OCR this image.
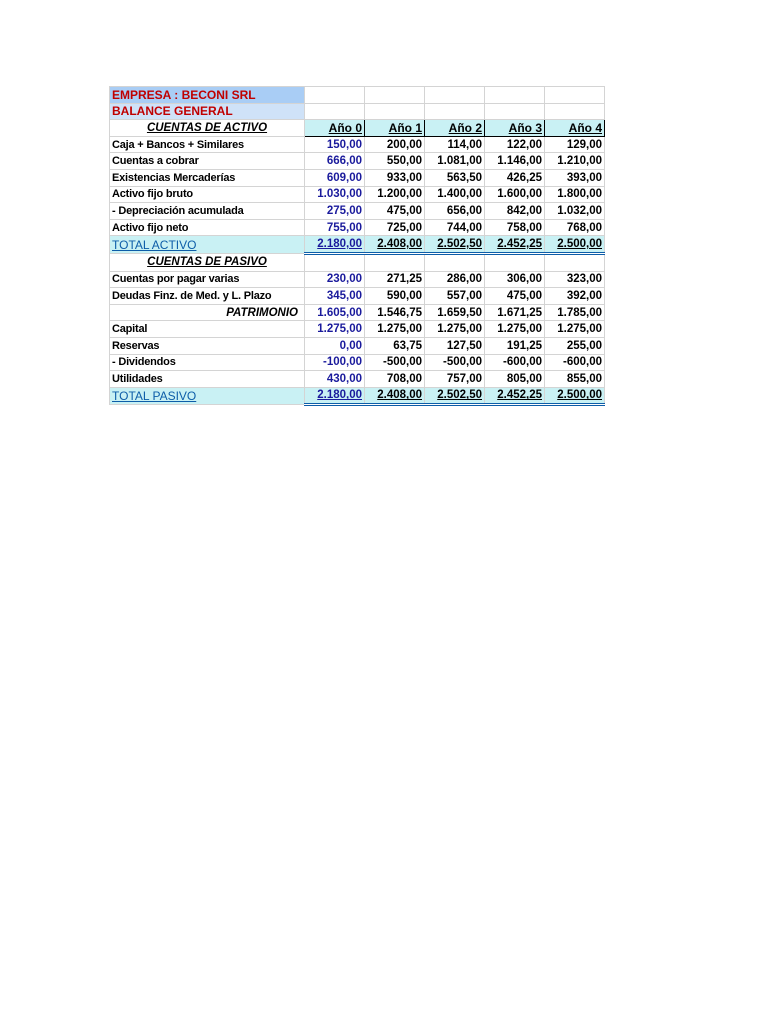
EMPRESA : BECONI SRL					
BALANCE GENERAL					
CUENTAS DE ACTIVO	Año 0	Año 1	Año 2	Año 3	Año 4
Caja + Bancos + Similares	150,00	200,00	114,00	122,00	129,00
Cuentas a cobrar	666,00	550,00	1.081,00	1.146,00	1.210,00
Existencias Mercaderías	609,00	933,00	563,50	426,25	393,00
Activo fijo bruto	1.030,00	1.200,00	1.400,00	1.600,00	1.800,00
- Depreciación acumulada	275,00	475,00	656,00	842,00	1.032,00
Activo fijo neto	755,00	725,00	744,00	758,00	768,00
TOTAL ACTIVO	2.180,00	2.408,00	2.502,50	2.452,25	2.500,00
CUENTAS DE PASIVO					
Cuentas por pagar varias	230,00	271,25	286,00	306,00	323,00
Deudas Finz. de Med. y L. Plazo	345,00	590,00	557,00	475,00	392,00
PATRIMONIO	1.605,00	1.546,75	1.659,50	1.671,25	1.785,00
Capital	1.275,00	1.275,00	1.275,00	1.275,00	1.275,00
Reservas	0,00	63,75	127,50	191,25	255,00
- Dividendos	-100,00	-500,00	-500,00	-600,00	-600,00
Utilidades	430,00	708,00	757,00	805,00	855,00
TOTAL PASIVO	2.180,00	2.408,00	2.502,50	2.452,25	2.500,00
